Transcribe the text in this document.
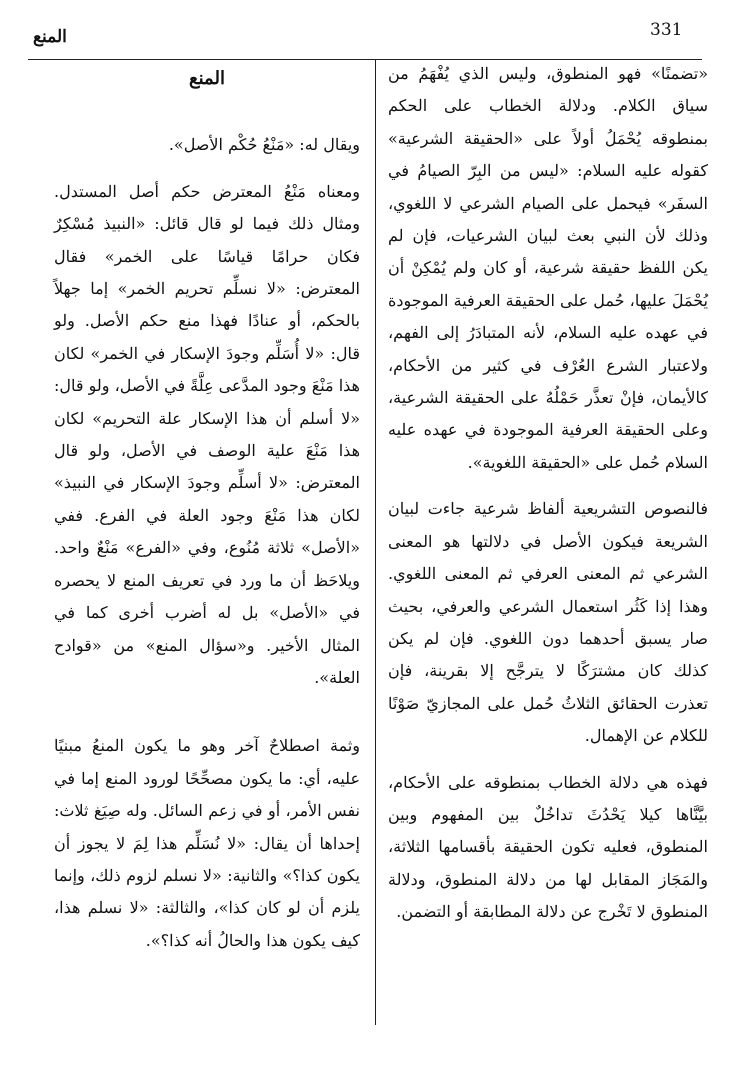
331
المنع

«تضمنًا» فهو المنطوق، وليس الذي يُفْهَمُ من سياق الكلام. ودلالة الخطاب على الحكم بمنطوقه يُحْمَلُ أولاً على «الحقيقة الشرعية» كقوله عليه السلام: «ليس من البِرّ الصيامُ في السفَر» فيحمل على الصيام الشرعي لا اللغوي، وذلك لأن النبي بعث لبيان الشرعيات، فإن لم يكن اللفظ حقيقة شرعية، أو كان ولم يُمْكِنْ أن يُحْمَلَ عليها، حُمل على الحقيقة العرفية الموجودة في عهده عليه السلام، لأنه المتبادَرُ إلى الفهم، ولاعتبار الشرع العُرْف في كثير من الأحكام، كالأيمان، فإنْ تعذَّر حَمْلُهُ على الحقيقة الشرعية، وعلى الحقيقة العرفية الموجودة في عهده عليه السلام حُمل على «الحقيقة اللغوية».

فالنصوص التشريعية ألفاظ شرعية جاءت لبيان الشريعة فيكون الأصل في دلالتها هو المعنى الشرعي ثم المعنى العرفي ثم المعنى اللغوي. وهذا إذا كَثُر استعمال الشرعي والعرفي، بحيث صار يسبق أحدهما دون اللغوي. فإن لم يكن كذلك كان مشترَكًا لا يترجَّح إلا بقرينة، فإن تعذرت الحقائق الثلاثُ حُمل على المجازيّ صَوْنًا للكلام عن الإهمال.

فهذه هي دلالة الخطاب بمنطوقه على الأحكام، بيَّنَّاها كيلا يَحْدُثَ تداخُلٌ بين المفهوم وبين المنطوق، فعليه تكون الحقيقة بأقسامها الثلاثة، والمَجَاز المقابل لها من دلالة المنطوق، ودلالة المنطوق لا تَخْرج عن دلالة المطابقة أو التضمن.

المنع

ويقال له: «مَنْعُ حُكْم الأصل».

ومعناه مَنْعُ المعترض حكم أصل المستدل. ومثال ذلك فيما لو قال قائل: «النبيذ مُسْكِرٌ فكان حرامًا قياسًا على الخمر» فقال المعترض: «لا نسلِّم تحريم الخمر» إما جهلاً بالحكم، أو عنادًا فهذا منع حكم الأصل. ولو قال: «لا أُسَلِّم وجودَ الإسكار في الخمر» لكان هذا مَنْعَ وجود المدَّعى عِلَّةً في الأصل، ولو قال: «لا أسلم أن هذا الإسكار علة التحريم» لكان هذا مَنْعَ علية الوصف في الأصل، ولو قال المعترض: «لا أسلِّم وجودَ الإسكار في النبيذ» لكان هذا مَنْعَ وجود العلة في الفرع. ففي «الأصل» ثلاثة مُنُوع، وفي «الفرع» مَنْعٌ واحد. ويلاحَظ أن ما ورد في تعريف المنع لا يحصره في «الأصل» بل له أضرب أخرى كما في المثال الأخير. و«سؤال المنع» من «قوادح العلة».

وثمة اصطلاحٌ آخر وهو ما يكون المنعُ مبنيًا عليه، أي: ما يكون مصحِّحًا لورود المنع إما في نفس الأمر، أو في زعم السائل. وله صِيَغ ثلاث: إحداها أن يقال: «لا نُسَلِّم هذا لِمَ لا يجوز أن يكون كذا؟» والثانية: «لا نسلم لزوم ذلك، وإنما يلزم أن لو كان كذا»، والثالثة: «لا نسلم هذا، كيف يكون هذا والحالُ أنه كذا؟».
